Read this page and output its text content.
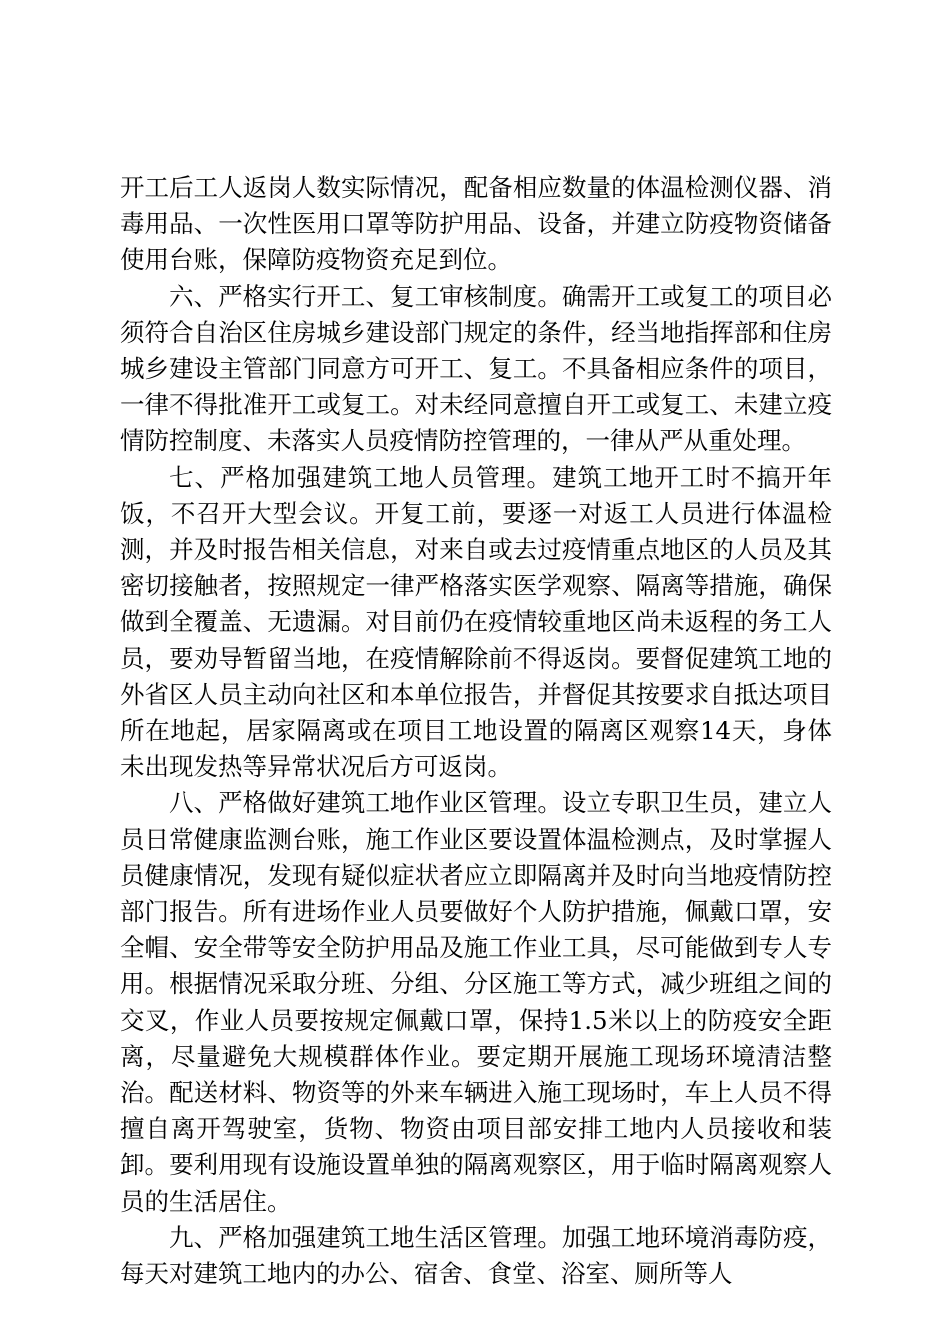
开工后工人返岗人数实际情况，配备相应数量的体温检测仪器、消毒用品、一次性医用口罩等防护用品、设备，并建立防疫物资储备使用台账，保障防疫物资充足到位。

六、严格实行开工、复工审核制度。确需开工或复工的项目必须符合自治区住房城乡建设部门规定的条件，经当地指挥部和住房城乡建设主管部门同意方可开工、复工。不具备相应条件的项目，一律不得批准开工或复工。对未经同意擅自开工或复工、未建立疫情防控制度、未落实人员疫情防控管理的，一律从严从重处理。

七、严格加强建筑工地人员管理。建筑工地开工时不搞开年饭，不召开大型会议。开复工前，要逐一对返工人员进行体温检测，并及时报告相关信息，对来自或去过疫情重点地区的人员及其密切接触者，按照规定一律严格落实医学观察、隔离等措施，确保做到全覆盖、无遗漏。对目前仍在疫情较重地区尚未返程的务工人员，要劝导暂留当地，在疫情解除前不得返岗。要督促建筑工地的外省区人员主动向社区和本单位报告，并督促其按要求自抵达项目所在地起，居家隔离或在项目工地设置的隔离区观察14天，身体未出现发热等异常状况后方可返岗。

八、严格做好建筑工地作业区管理。设立专职卫生员，建立人员日常健康监测台账，施工作业区要设置体温检测点，及时掌握人员健康情况，发现有疑似症状者应立即隔离并及时向当地疫情防控部门报告。所有进场作业人员要做好个人防护措施，佩戴口罩，安全帽、安全带等安全防护用品及施工作业工具，尽可能做到专人专用。根据情况采取分班、分组、分区施工等方式，减少班组之间的交叉，作业人员要按规定佩戴口罩，保持1.5米以上的防疫安全距离，尽量避免大规模群体作业。要定期开展施工现场环境清洁整治。配送材料、物资等的外来车辆进入施工现场时，车上人员不得擅自离开驾驶室，货物、物资由项目部安排工地内人员接收和装卸。要利用现有设施设置单独的隔离观察区，用于临时隔离观察人员的生活居住。

九、严格加强建筑工地生活区管理。加强工地环境消毒防疫，每天对建筑工地内的办公、宿舍、食堂、浴室、厕所等人
